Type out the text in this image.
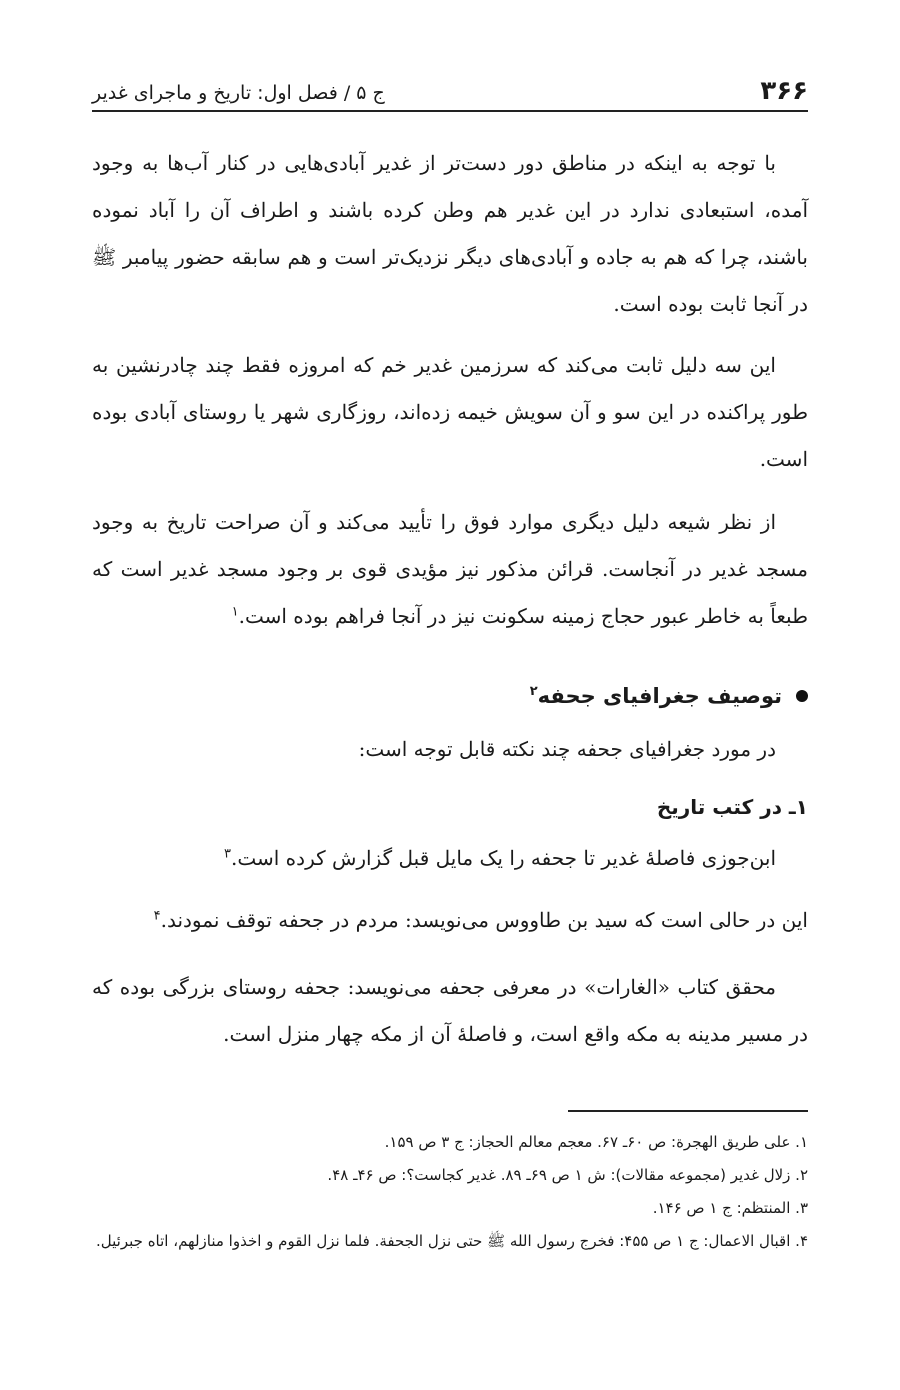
۳۶۶
ج ۵ / فصل اول: تاریخ و ماجرای غدیر
با توجه به اینکه در مناطق دور دست‌تر از غدیر آبادی‌هایی در کنار آب‌ها به وجود آمده، استبعادی ندارد در این غدیر هم وطن کرده باشند و اطراف آن را آباد نموده باشند، چرا که هم به جاده و آبادی‌های دیگر نزدیک‌تر است و هم سابقه حضور پیامبر ﷺ در آنجا ثابت بوده است.
این سه دلیل ثابت می‌کند که سرزمین غدیر خم که امروزه فقط چند چادرنشین به طور پراکنده در این سو و آن سویش خیمه زده‌اند، روزگاری شهر یا روستای آبادی بوده است.
از نظر شیعه دلیل دیگری موارد فوق را تأیید می‌کند و آن صراحت تاریخ به وجود مسجد غدیر در آنجاست. قرائن مذکور نیز مؤیدی قوی بر وجود مسجد غدیر است که طبعاً به خاطر عبور حجاج زمینه سکونت نیز در آنجا فراهم بوده است.$^۱$
توصیف جغرافیای جحفه$^۲$
در مورد جغرافیای جحفه چند نکته قابل توجه است:
۱ـ در کتب تاریخ
ابن‌جوزی فاصلهٔ غدیر تا جحفه را یک مایل قبل گزارش کرده است.$^۳$
این در حالی است که سید بن طاووس می‌نویسد: مردم در جحفه توقف نمودند.$^۴$
محقق کتاب «الغارات» در معرفی جحفه می‌نویسد: جحفه روستای بزرگی بوده که در مسیر مدینه به مکه واقع است، و فاصلهٔ آن از مکه چهار منزل است.
۱. علی طریق الهجرة: ص ۶۰ـ ۶۷. معجم معالم الحجاز: ج ۳ ص ۱۵۹.
۲. زلال غدیر (مجموعه مقالات): ش ۱ ص ۶۹ـ ۸۹. غدیر کجاست؟: ص ۴۶ـ ۴۸.
۳. المنتظم: ج ۱ ص ۱۴۶.
۴. اقبال الاعمال: ج ۱ ص ۴۵۵: فخرج رسول الله ﷺ حتی نزل الجحفة. فلما نزل القوم و اخذوا منازلهم، اتاه جبرئیل.
